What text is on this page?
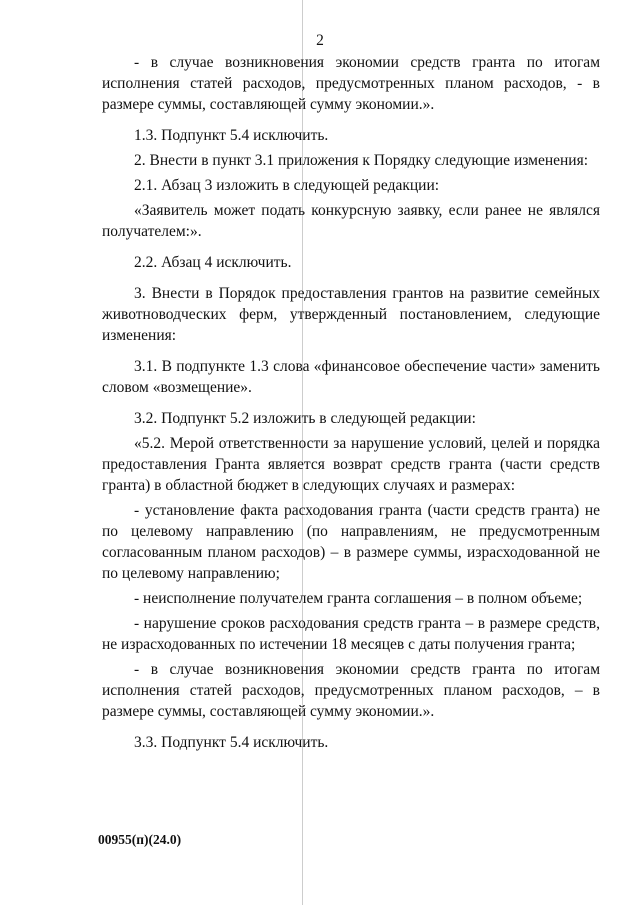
2

- в случае возникновения экономии средств гранта по итогам исполнения статей расходов, предусмотренных планом расходов, - в размере суммы, составляющей сумму экономии.».

1.3. Подпункт 5.4 исключить.

2. Внести в пункт 3.1 приложения к Порядку следующие изменения:

2.1. Абзац 3 изложить в следующей редакции:

«Заявитель может подать конкурсную заявку, если ранее не являлся получателем:».

2.2. Абзац 4 исключить.

3. Внести в Порядок предоставления грантов на развитие семейных животноводческих ферм, утвержденный постановлением, следующие изменения:

3.1. В подпункте 1.3 слова «финансовое обеспечение части» заменить словом «возмещение».

3.2. Подпункт 5.2 изложить в следующей редакции:

«5.2. Мерой ответственности за нарушение условий, целей и порядка предоставления Гранта является возврат средств гранта (части средств гранта) в областной бюджет в следующих случаях и размерах:

- установление факта расходования гранта (части средств гранта) не по целевому направлению (по направлениям, не предусмотренным согласованным планом расходов) – в размере суммы, израсходованной не по целевому направлению;

- неисполнение получателем гранта соглашения – в полном объеме;

- нарушение сроков расходования средств гранта – в размере средств, не израсходованных по истечении 18 месяцев с даты получения гранта;

- в случае возникновения экономии средств гранта по итогам исполнения статей расходов, предусмотренных планом расходов, – в размере суммы, составляющей сумму экономии.».

3.3. Подпункт 5.4 исключить.

00955(п)(24.0)
